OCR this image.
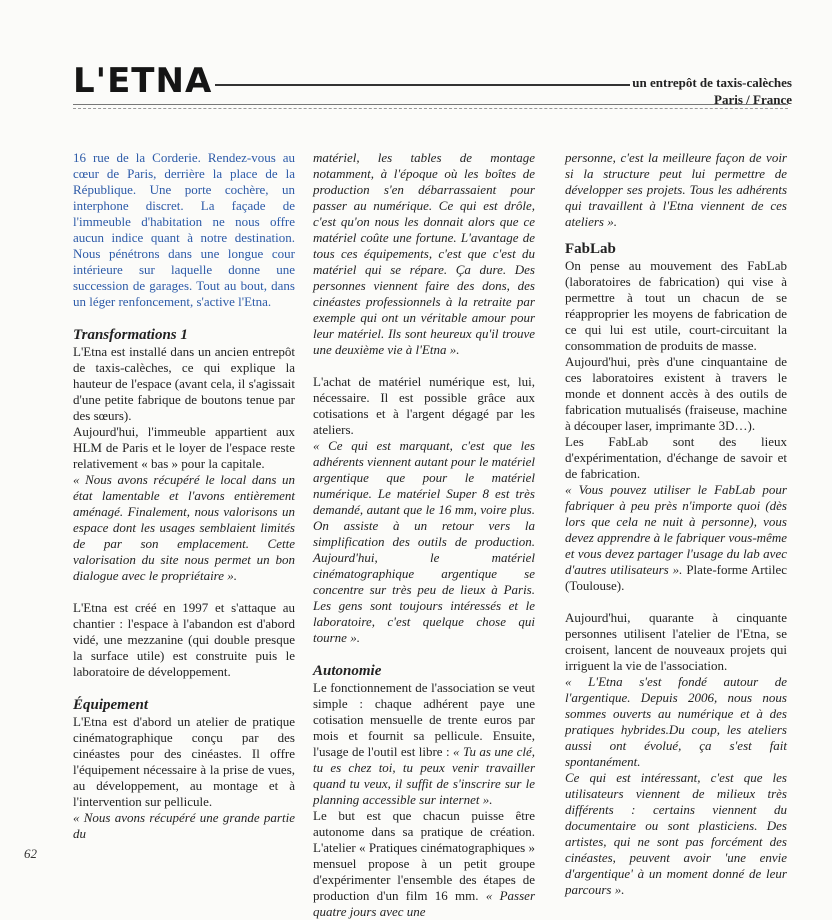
L'ETNA	un entrepôt de taxis-calèches
Paris / France

16 rue de la Corderie. Rendez-vous au cœur de Paris, derrière la place de la République. Une porte cochère, un interphone discret. La façade de l'immeuble d'habitation ne nous offre aucun indice quant à notre destination. Nous pénétrons dans une longue cour intérieure sur laquelle donne une succession de garages. Tout au bout, dans un léger renfoncement, s'active l'Etna.

Transformations 1

L'Etna est installé dans un ancien entrepôt de taxis-calèches, ce qui explique la hauteur de l'espace (avant cela, il s'agissait d'une petite fabrique de boutons tenue par des sœurs).

Aujourd'hui, l'immeuble appartient aux HLM de Paris et le loyer de l'espace reste relativement « bas » pour la capitale.

« Nous avons récupéré le local dans un état lamentable et l'avons entièrement aménagé. Finalement, nous valorisons un espace dont les usages semblaient limités de par son emplacement. Cette valorisation du site nous permet un bon dialogue avec le propriétaire ».

L'Etna est créé en 1997 et s'attaque au chantier : l'espace à l'abandon est d'abord vidé, une mezzanine (qui double presque la surface utile) est construite puis le laboratoire de développement.

Équipement

L'Etna est d'abord un atelier de pratique cinématographique conçu par des cinéastes pour des cinéastes. Il offre l'équipement nécessaire à la prise de vues, au développement, au montage et à l'intervention sur pellicule.

« Nous avons récupéré une grande partie du

matériel, les tables de montage notamment, à l'époque où les boîtes de production s'en débarrassaient pour passer au numérique. Ce qui est drôle, c'est qu'on nous les donnait alors que ce matériel coûte une fortune. L'avantage de tous ces équipements, c'est que c'est du matériel qui se répare. Ça dure. Des personnes viennent faire des dons, des cinéastes professionnels à la retraite par exemple qui ont un véritable amour pour leur matériel. Ils sont heureux qu'il trouve une deuxième vie à l'Etna ».

L'achat de matériel numérique est, lui, nécessaire. Il est possible grâce aux cotisations et à l'argent dégagé par les ateliers.

« Ce qui est marquant, c'est que les adhérents viennent autant pour le matériel argentique que pour le matériel numérique. Le matériel Super 8 est très demandé, autant que le 16 mm, voire plus. On assiste à un retour vers la simplification des outils de production. Aujourd'hui, le matériel cinématographique argentique se concentre sur très peu de lieux à Paris. Les gens sont toujours intéressés et le laboratoire, c'est quelque chose qui tourne ».

Autonomie

Le fonctionnement de l'association se veut simple : chaque adhérent paye une cotisation mensuelle de trente euros par mois et fournit sa pellicule. Ensuite, l'usage de l'outil est libre : « Tu as une clé, tu es chez toi, tu peux venir travailler quand tu veux, il suffit de s'inscrire sur le planning accessible sur internet ».

Le but est que chacun puisse être autonome dans sa pratique de création. L'atelier « Pratiques cinématographiques » mensuel propose à un petit groupe d'expérimenter l'ensemble des étapes de production d'un film 16 mm. « Passer quatre jours avec une

personne, c'est la meilleure façon de voir si la structure peut lui permettre de développer ses projets. Tous les adhérents qui travaillent à l'Etna viennent de ces ateliers ».

FabLab

On pense au mouvement des FabLab (laboratoires de fabrication) qui vise à permettre à tout un chacun de se réapproprier les moyens de fabrication de ce qui lui est utile, court-circuitant la consommation de produits de masse.

Aujourd'hui, près d'une cinquantaine de ces laboratoires existent à travers le monde et donnent accès à des outils de fabrication mutualisés (fraiseuse, machine à découper laser, imprimante 3D…).

Les FabLab sont des lieux d'expérimentation, d'échange de savoir et de fabrication.

« Vous pouvez utiliser le FabLab pour fabriquer à peu près n'importe quoi (dès lors que cela ne nuit à personne), vous devez apprendre à le fabriquer vous-même et vous devez partager l'usage du lab avec d'autres utilisateurs ». Plate-forme Artilec (Toulouse).

Aujourd'hui, quarante à cinquante personnes utilisent l'atelier de l'Etna, se croisent, lancent de nouveaux projets qui irriguent la vie de l'association.

« L'Etna s'est fondé autour de l'argentique. Depuis 2006, nous nous sommes ouverts au numérique et à des pratiques hybrides.Du coup, les ateliers aussi ont évolué, ça s'est fait spontanément.

Ce qui est intéressant, c'est que les utilisateurs viennent de milieux très différents : certains viennent du documentaire ou sont plasticiens. Des artistes, qui ne sont pas forcément des cinéastes, peuvent avoir 'une envie d'argentique' à un moment donné de leur parcours ».

62
